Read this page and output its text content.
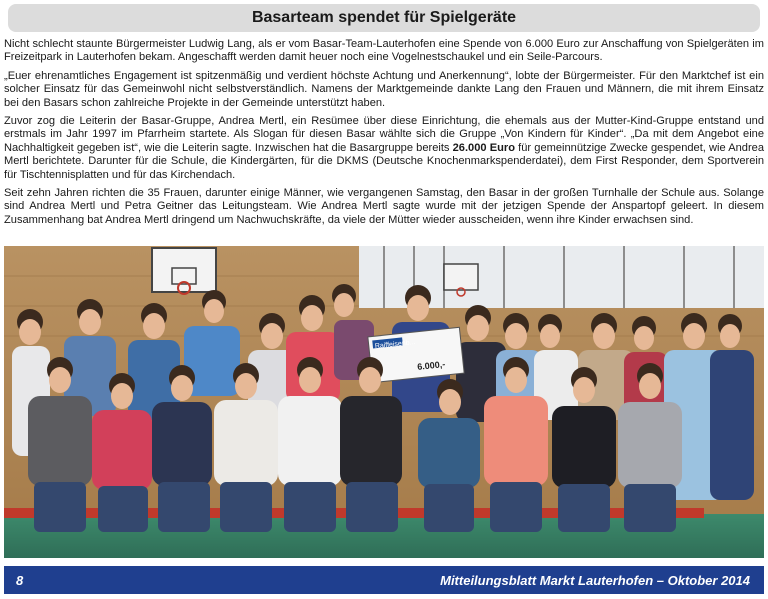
Basarteam spendet für Spielgeräte

Nicht schlecht staunte Bürgermeister Ludwig Lang, als er vom Basar-Team-Lauterhofen eine Spende von 6.000 Euro zur Anschaffung von Spielgeräten im Freizeitpark in Lauterhofen bekam. Angeschafft werden damit heuer noch eine Vogelnestschaukel und ein Seile-Parcours.

„Euer ehrenamtliches Engagement ist spitzenmäßig und verdient höchste Achtung und Anerkennung“, lobte der Bürgermeister. Für den Marktchef ist ein solcher Einsatz für das Gemeinwohl nicht selbstverständlich. Namens der Marktgemeinde dankte Lang den Frauen und Männern, die mit ihrem Einsatz bei den Basars schon zahlreiche Projekte in der Gemeinde unterstützt haben.

Zuvor zog die Leiterin der Basar-Gruppe, Andrea Mertl, ein Resümee über diese Einrichtung, die ehemals aus der Mutter-Kind-Gruppe entstand und erstmals im Jahr 1997 im Pfarrheim startete. Als Slogan für diesen Basar wählte sich die Gruppe „Von Kindern für Kinder“. „Da mit dem Angebot eine Nachhaltigkeit gegeben ist“, wie die Leiterin sagte. Inzwischen hat die Basargruppe bereits 26.000 Euro für gemeinnützige Zwecke gespendet, wie Andrea Mertl berichtete. Darunter für die Schule, die Kindergärten, für die DKMS (Deutsche Knochenmarkspenderdatei), dem First Responder, dem Sportverein für Tischtennisplatten und für das Kirchendach.

Seit zehn Jahren richten die 35 Frauen, darunter einige Männer, wie vergangenen Samstag, den Basar in der großen Turnhalle der Schule aus. Solange sind Andrea Mertl und Petra Geitner das Leitungsteam. Wie Andrea Mertl sagte wurde mit der jetzigen Spende der Anspartopf geleert. In diesem Zusammenhang bat Andrea Mertl dringend um Nachwuchskräfte, da viele der Mütter wieder ausscheiden, wenn ihre Kinder erwachsen sind.

Raiffeisenb...
6.000,-
8	Mitteilungsblatt Markt Lauterhofen – Oktober 2014
